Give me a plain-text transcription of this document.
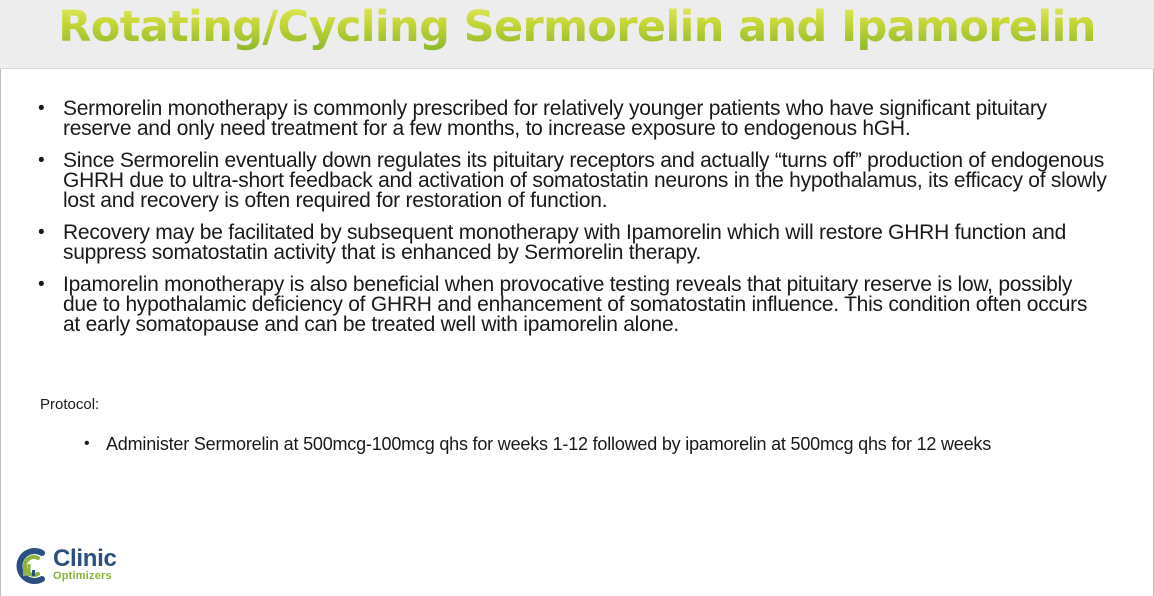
Rotating/Cycling Sermorelin and Ipamorelin
• Sermorelin monotherapy is commonly prescribed for relatively younger patients who have significant pituitary reserve and only need treatment for a few months, to increase exposure to endogenous hGH.
• Since Sermorelin eventually down regulates its pituitary receptors and actually “turns off” production of endogenous GHRH due to ultra-short feedback and activation of somatostatin neurons in the hypothalamus, its efficacy of slowly lost and recovery is often required for restoration of function.
• Recovery may be facilitated by subsequent monotherapy with Ipamorelin which will restore GHRH function and suppress somatostatin activity that is enhanced by Sermorelin therapy.
• Ipamorelin monotherapy is also beneficial when provocative testing reveals that pituitary reserve is low, possibly due to hypothalamic deficiency of GHRH and enhancement of somatostatin influence. This condition often occurs at early somatopause and can be treated well with ipamorelin alone.
Protocol:
• Administer Sermorelin at 500mcg-100mcg qhs for weeks 1-12 followed by ipamorelin at 500mcg qhs for 12 weeks
Clinic
Optimizers
